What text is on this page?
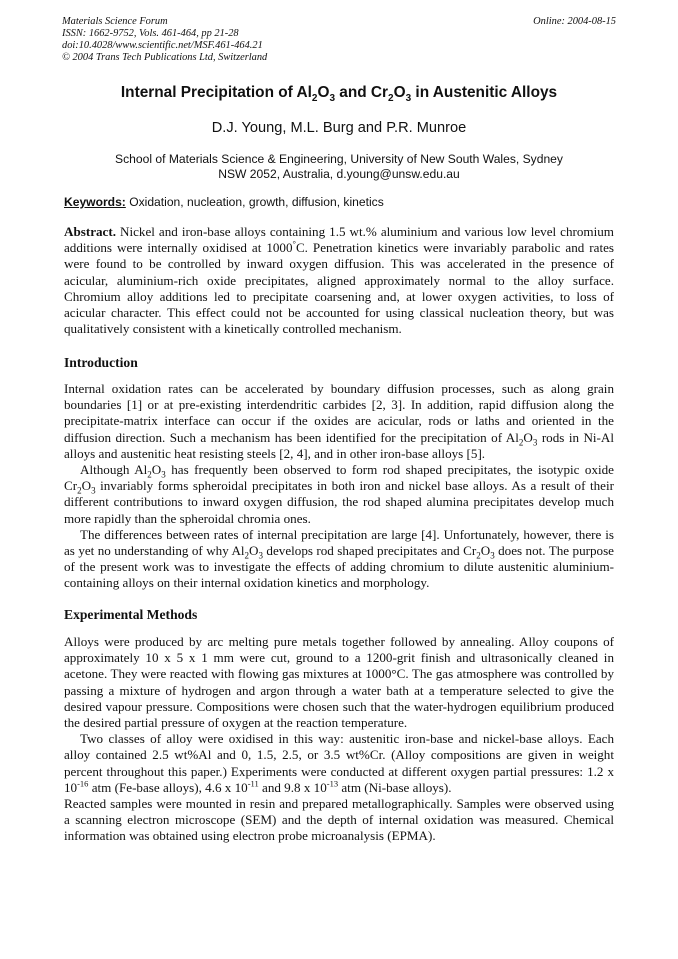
Materials Science Forum
ISSN: 1662-9752, Vols. 461-464, pp 21-28
doi:10.4028/www.scientific.net/MSF.461-464.21
© 2004 Trans Tech Publications Ltd, Switzerland
Online: 2004-08-15
Internal Precipitation of $Al_2O_3$ and $Cr_2O_3$ in Austenitic Alloys
D.J. Young, M.L. Burg and P.R. Munroe
School of Materials Science & Engineering, University of New South Wales, Sydney
NSW 2052, Australia, d.young@unsw.edu.au
Keywords: Oxidation, nucleation, growth, diffusion, kinetics

Abstract. Nickel and iron-base alloys containing 1.5 wt.% aluminium and various low level chromium additions were internally oxidised at 1000°C. Penetration kinetics were invariably parabolic and rates were found to be controlled by inward oxygen diffusion. This was accelerated in the presence of acicular, aluminium-rich oxide precipitates, aligned approximately normal to the alloy surface. Chromium alloy additions led to precipitate coarsening and, at lower oxygen activities, to loss of acicular character. This effect could not be accounted for using classical nucleation theory, but was qualitatively consistent with a kinetically controlled mechanism.

Introduction

Internal oxidation rates can be accelerated by boundary diffusion processes, such as along grain boundaries [1] or at pre-existing interdendritic carbides [2, 3]. In addition, rapid diffusion along the precipitate-matrix interface can occur if the oxides are acicular, rods or laths and oriented in the diffusion direction. Such a mechanism has been identified for the precipitation of $Al_2O_3$ rods in Ni-Al alloys and austenitic heat resisting steels [2, 4], and in other iron-base alloys [5].

Although $Al_2O_3$ has frequently been observed to form rod shaped precipitates, the isotypic oxide $Cr_2O_3$ invariably forms spheroidal precipitates in both iron and nickel base alloys. As a result of their different contributions to inward oxygen diffusion, the rod shaped alumina precipitates develop much more rapidly than the spheroidal chromia ones.

The differences between rates of internal precipitation are large [4]. Unfortunately, however, there is as yet no understanding of why $Al_2O_3$ develops rod shaped precipitates and $Cr_2O_3$ does not. The purpose of the present work was to investigate the effects of adding chromium to dilute austenitic aluminium-containing alloys on their internal oxidation kinetics and morphology.

Experimental Methods

Alloys were produced by arc melting pure metals together followed by annealing. Alloy coupons of approximately 10 x 5 x 1 mm were cut, ground to a 1200-grit finish and ultrasonically cleaned in acetone. They were reacted with flowing gas mixtures at 1000°C. The gas atmosphere was controlled by passing a mixture of hydrogen and argon through a water bath at a temperature selected to give the desired vapour pressure. Compositions were chosen such that the water-hydrogen equilibrium produced the desired partial pressure of oxygen at the reaction temperature.

Two classes of alloy were oxidised in this way: austenitic iron-base and nickel-base alloys. Each alloy contained 2.5 wt%Al and 0, 1.5, 2.5, or 3.5 wt%Cr. (Alloy compositions are given in weight percent throughout this paper.) Experiments were conducted at different oxygen partial pressures: 1.2 x $10^{-16}$ atm (Fe-base alloys), 4.6 x $10^{-11}$ and 9.8 x $10^{-13}$ atm (Ni-base alloys).

Reacted samples were mounted in resin and prepared metallographically. Samples were observed using a scanning electron microscope (SEM) and the depth of internal oxidation was measured. Chemical information was obtained using electron probe microanalysis (EPMA).
